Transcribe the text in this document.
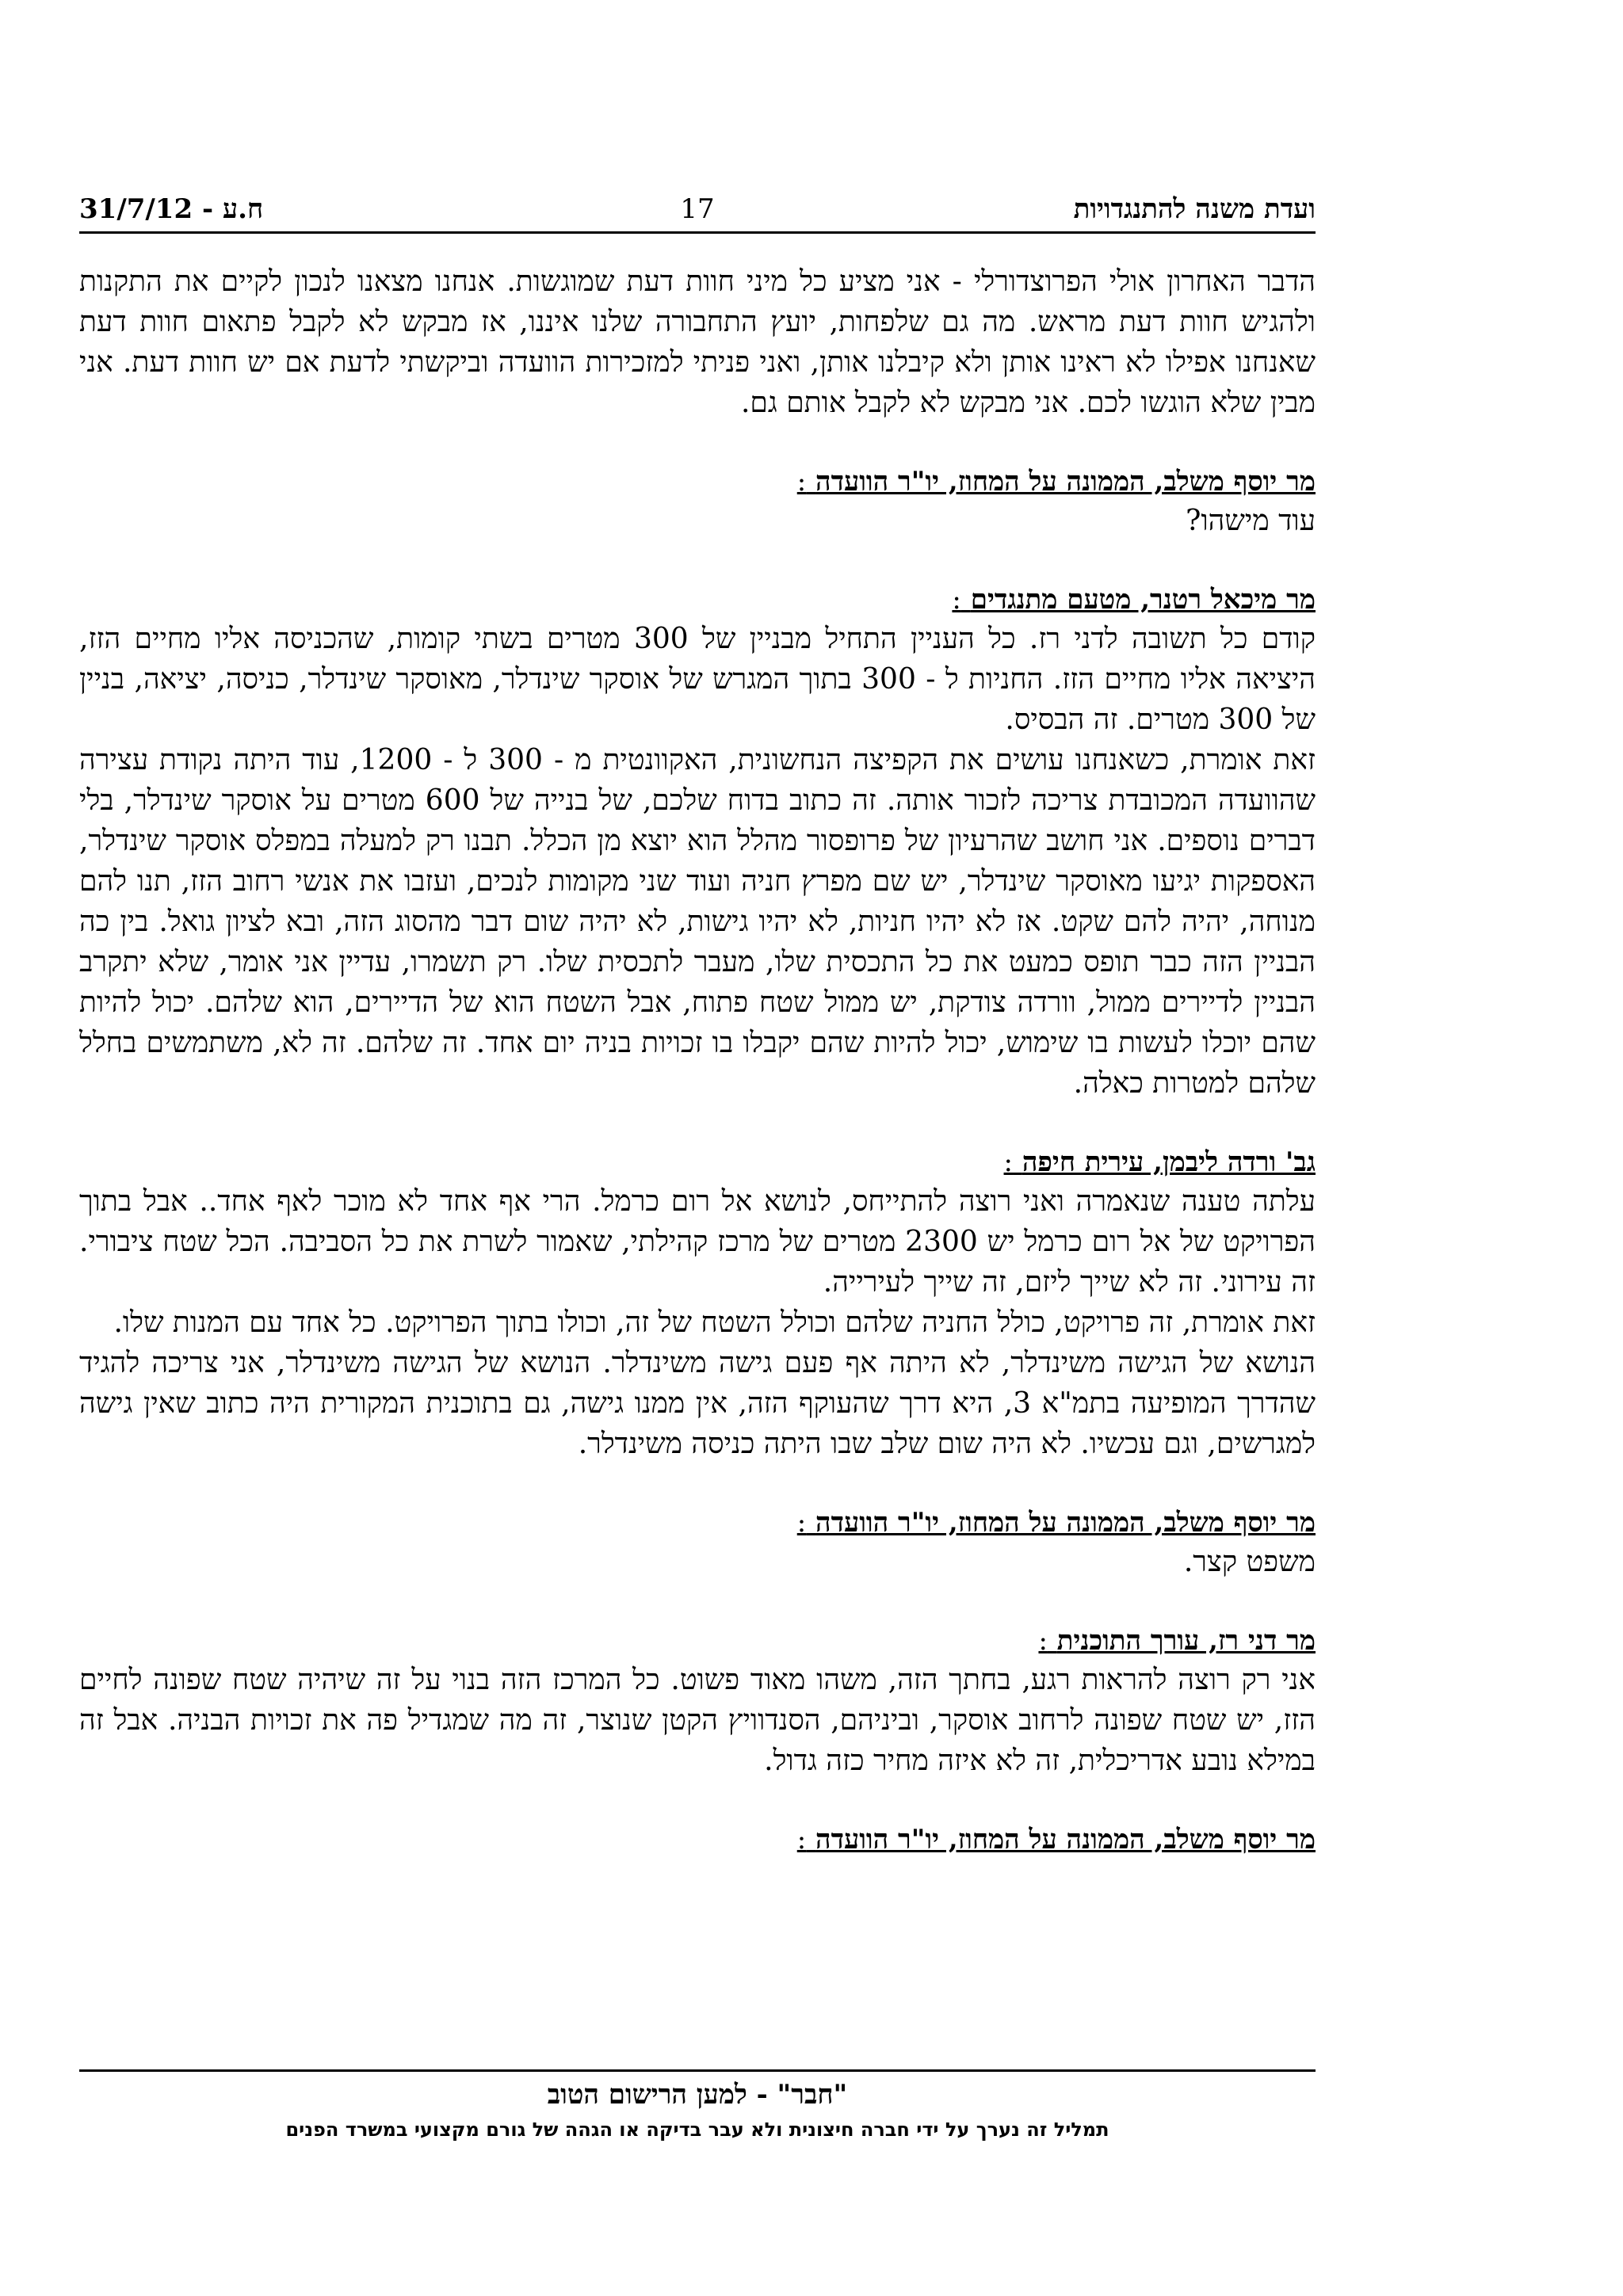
ועדת משנה להתנגדויות
17
31/7/12 - ח.ע

הדבר האחרון אולי הפרוצדורלי - אני מציע כל מיני חוות דעת שמוגשות. אנחנו מצאנו לנכון לקיים את התקנות ולהגיש חוות דעת מראש. מה גם שלפחות, יועץ התחבורה שלנו איננו, אז מבקש לא לקבל פתאום חוות דעת שאנחנו אפילו לא ראינו אותן ולא קיבלנו אותן, ואני פניתי למזכירות הוועדה וביקשתי לדעת אם יש חוות דעת. אני מבין שלא הוגשו לכם. אני מבקש לא לקבל אותם גם.

מר יוסף משלב, הממונה על המחוז, יו"ר הוועדה :

עוד מישהו?

מר מיכאל רטנר, מטעם מתנגדים :

קודם כל תשובה לדני רז. כל העניין התחיל מבניין של 300 מטרים בשתי קומות, שהכניסה אליו מחיים הזז, היציאה אליו מחיים הזז. החניות ל - 300 בתוך המגרש של אוסקר שינדלר, מאוסקר שינדלר, כניסה, יציאה, בניין של 300 מטרים. זה הבסיס.

זאת אומרת, כשאנחנו עושים את הקפיצה הנחשונית, האקוונטית מ - 300 ל - 1200, עוד היתה נקודת עצירה שהוועדה המכובדת צריכה לזכור אותה. זה כתוב בדוח שלכם, של בנייה של 600 מטרים על אוסקר שינדלר, בלי דברים נוספים. אני חושב שהרעיון של פרופסור מהלל הוא יוצא מן הכלל. תבנו רק למעלה במפלס אוסקר שינדלר, האספקות יגיעו מאוסקר שינדלר, יש שם מפרץ חניה ועוד שני מקומות לנכים, ועזבו את אנשי רחוב הזז, תנו להם מנוחה, יהיה להם שקט. אז לא יהיו חניות, לא יהיו גישות, לא יהיה שום דבר מהסוג הזה, ובא לציון גואל. בין כה הבניין הזה כבר תופס כמעט את כל התכסית שלו, מעבר לתכסית שלו. רק תשמרו, עדיין אני אומר, שלא יתקרב הבניין לדיירים ממול, וורדה צודקת, יש ממול שטח פתוח, אבל השטח הוא של הדיירים, הוא שלהם. יכול להיות שהם יוכלו לעשות בו שימוש, יכול להיות שהם יקבלו בו זכויות בניה יום אחד. זה שלהם. זה לא, משתמשים בחלל שלהם למטרות כאלה.

גב' ורדה ליבמן, עירית חיפה :

עלתה טענה שנאמרה ואני רוצה להתייחס, לנושא אל רום כרמל. הרי אף אחד לא מוכר לאף אחד.. אבל בתוך הפרויקט של אל רום כרמל יש 2300 מטרים של מרכז קהילתי, שאמור לשרת את כל הסביבה. הכל שטח ציבורי. זה עירוני. זה לא שייך ליזם, זה שייך לעירייה.

זאת אומרת, זה פרויקט, כולל החניה שלהם וכולל השטח של זה, וכולו בתוך הפרויקט. כל אחד עם המנות שלו.

הנושא של הגישה משינדלר, לא היתה אף פעם גישה משינדלר. הנושא של הגישה משינדלר, אני צריכה להגיד שהדרך המופיעה בתמ"א 3, היא דרך שהעוקף הזה, אין ממנו גישה, גם בתוכנית המקורית היה כתוב שאין גישה למגרשים, וגם עכשיו. לא היה שום שלב שבו היתה כניסה משינדלר.

מר יוסף משלב, הממונה על המחוז, יו"ר הוועדה :

משפט קצר.

מר דני רז, עורך התוכנית :

אני רק רוצה להראות רגע, בחתך הזה, משהו מאוד פשוט. כל המרכז הזה בנוי על זה שיהיה שטח שפונה לחיים הזז, יש שטח שפונה לרחוב אוסקר, וביניהם, הסנדוויץ הקטן שנוצר, זה מה שמגדיל פה את זכויות הבניה. אבל זה במילא נובע אדריכלית, זה לא איזה מחיר כזה גדול.

מר יוסף משלב, הממונה על המחוז, יו"ר הוועדה :

"חבר" - למען הרישום הטוב
תמליל זה נערך על ידי חברה חיצונית ולא עבר בדיקה או הגהה של גורם מקצועי במשרד הפנים
